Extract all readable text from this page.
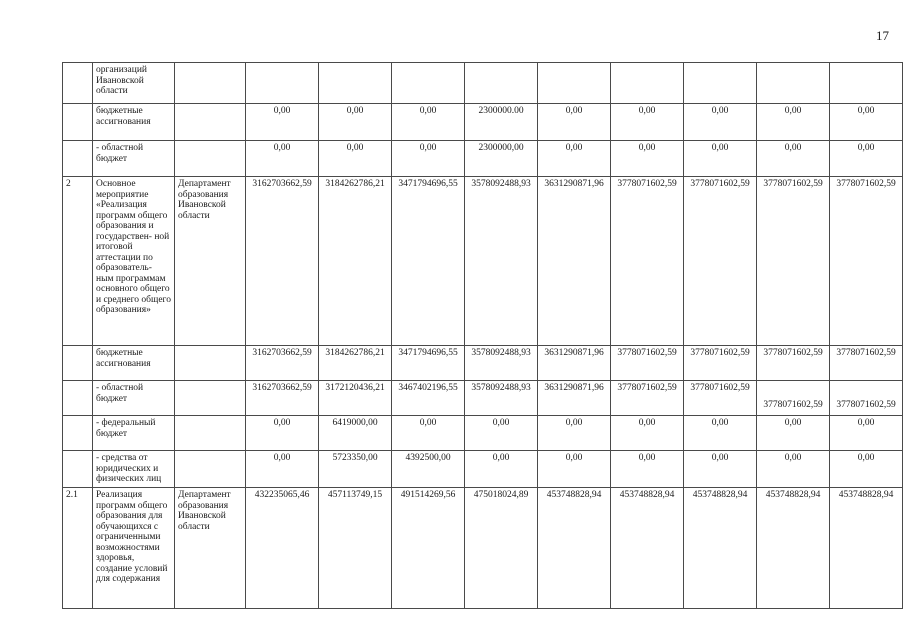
17
	организаций Ивановской области										
	бюджетные ассигнования		0,00	0,00	0,00	2300000.00	0,00	0,00	0,00	0,00	0,00
	- областной бюджет		0,00	0,00	0,00	2300000,00	0,00	0,00	0,00	0,00	0,00
2	Основное мероприятие «Реализация программ общего образования и государствен- ной итоговой аттестации по образователь- ным программам основного общего и среднего общего образования»	Департамент образования Ивановской области	3162703662,59	3184262786,21	3471794696,55	3578092488,93	3631290871,96	3778071602,59	3778071602,59	3778071602,59	3778071602,59
	бюджетные ассигнования		3162703662,59	3184262786,21	3471794696,55	3578092488,93	3631290871,96	3778071602,59	3778071602,59	3778071602,59	3778071602,59
	- областной бюджет		3162703662,59	3172120436,21	3467402196,55	3578092488,93	3631290871,96	3778071602,59	3778071602,59	3778071602,59	3778071602,59
	- федеральный бюджет		0,00	6419000,00	0,00	0,00	0,00	0,00	0,00	0,00	0,00
	- средства от юридических и физических лиц		0,00	5723350,00	4392500,00	0,00	0,00	0,00	0,00	0,00	0,00
2.1	Реализация программ общего образования для обучающихся с ограниченными возможностями здоровья, создание условий для содержания	Департамент образования Ивановской области	432235065,46	457113749,15	491514269,56	475018024,89	453748828,94	453748828,94	453748828,94	453748828,94	453748828,94
